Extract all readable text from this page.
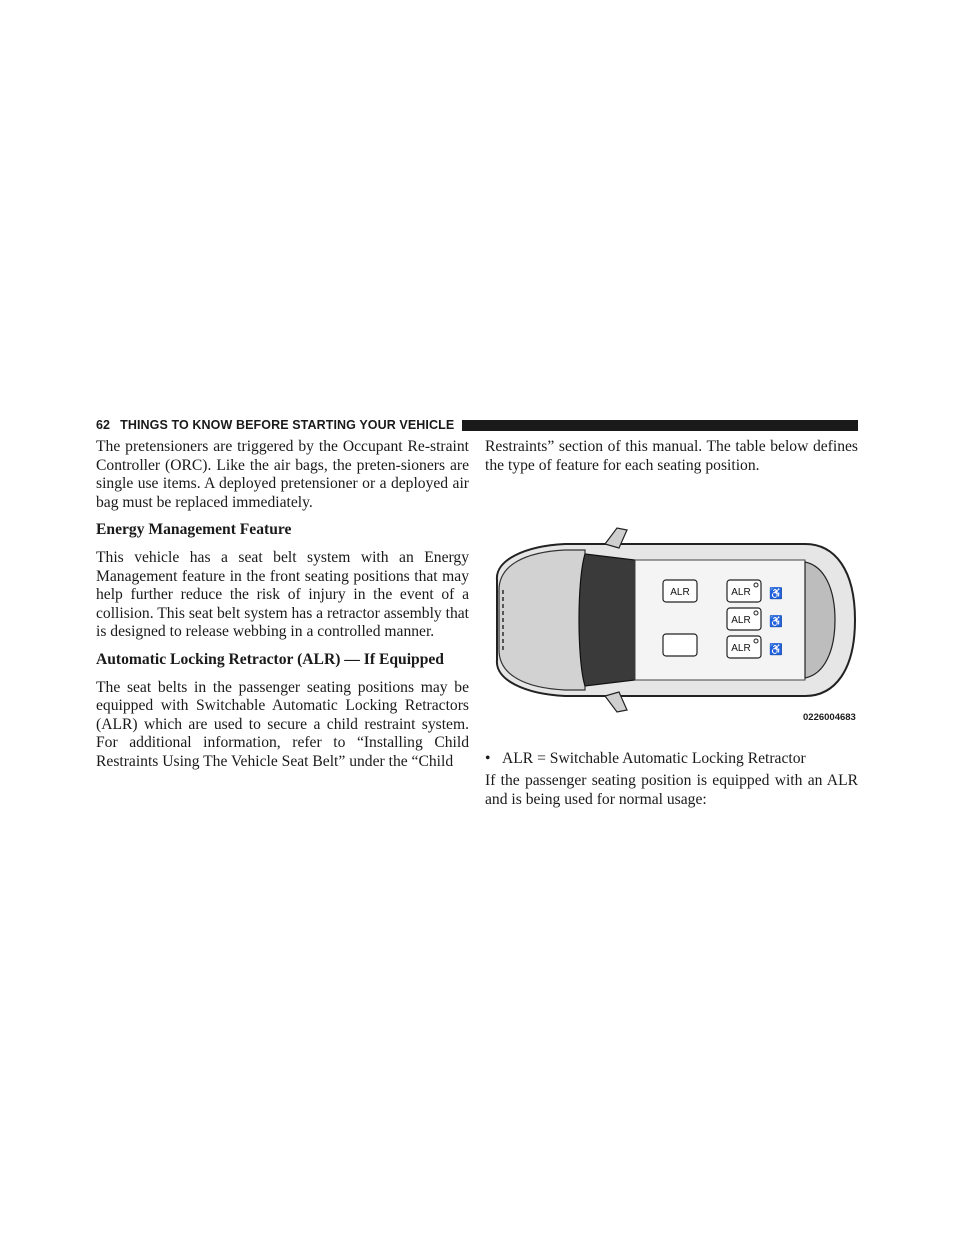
62 THINGS TO KNOW BEFORE STARTING YOUR VEHICLE

The pretensioners are triggered by the Occupant Re-straint Controller (ORC). Like the air bags, the preten-sioners are single use items. A deployed pretensioner or a deployed air bag must be replaced immediately.

Energy Management Feature

This vehicle has a seat belt system with an Energy Management feature in the front seating positions that may help further reduce the risk of injury in the event of a collision. This seat belt system has a retractor assembly that is designed to release webbing in a controlled manner.

Automatic Locking Retractor (ALR) — If Equipped

The seat belts in the passenger seating positions may be equipped with Switchable Automatic Locking Retractors (ALR) which are used to secure a child restraint system. For additional information, refer to “Installing Child Restraints Using The Vehicle Seat Belt” under the “Child

Restraints” section of this manual. The table below defines the type of feature for each seating position.

ALR	ALR ♿
ALR ♿
ALR ♿
0226004683
• ALR = Switchable Automatic Locking Retractor

If the passenger seating position is equipped with an ALR and is being used for normal usage:
